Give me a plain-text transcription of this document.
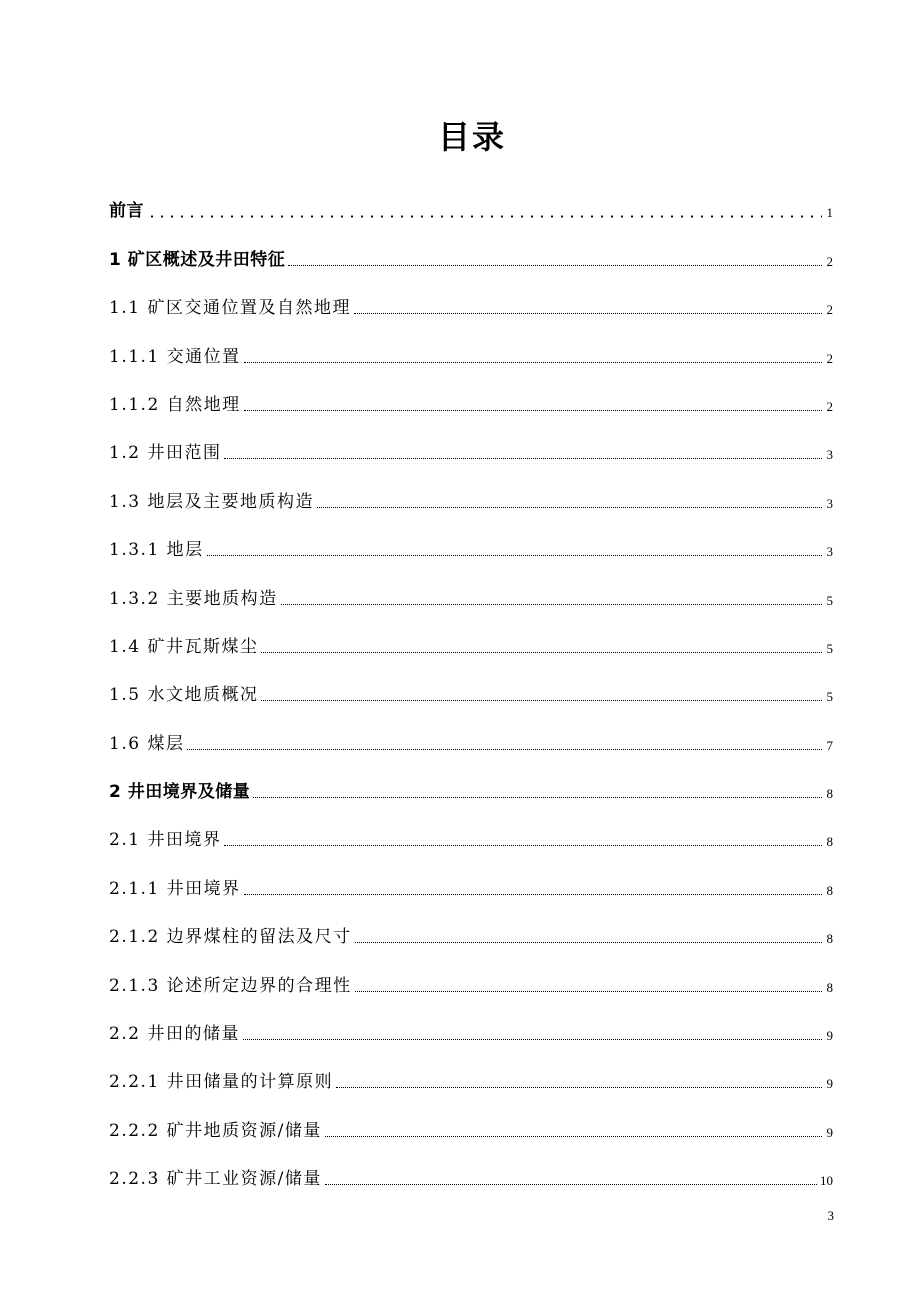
目录
前言	1
1 矿区概述及井田特征	2
1.1 矿区交通位置及自然地理	2
1.1.1 交通位置	2
1.1.2 自然地理	2
1.2 井田范围	3
1.3 地层及主要地质构造	3
1.3.1 地层	3
1.3.2 主要地质构造	5
1.4 矿井瓦斯煤尘	5
1.5 水文地质概况	5
1.6 煤层	7
2 井田境界及储量	8
2.1 井田境界	8
2.1.1 井田境界	8
2.1.2 边界煤柱的留法及尺寸	8
2.1.3 论述所定边界的合理性	8
2.2 井田的储量	9
2.2.1 井田储量的计算原则	9
2.2.2 矿井地质资源/储量	9
2.2.3 矿井工业资源/储量	10
3
